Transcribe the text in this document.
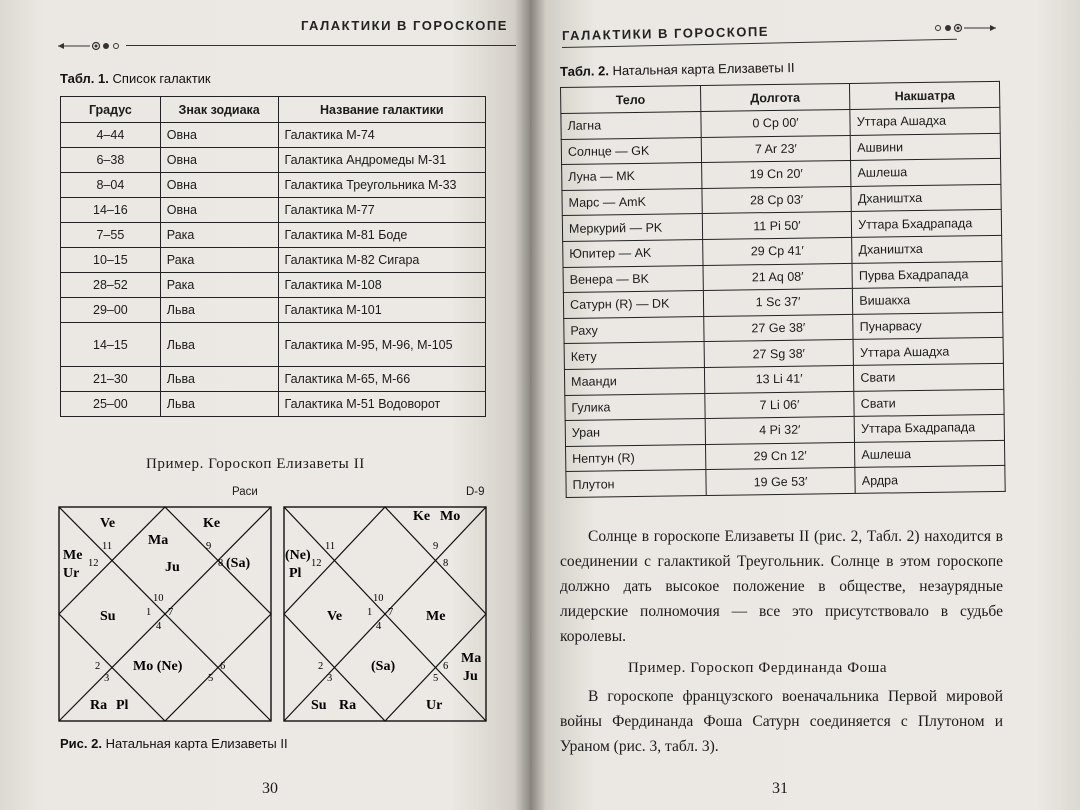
ГАЛАКТИКИ В ГОРОСКОПЕ
Табл. 1. Список галактик
Градус	Знак зодиака	Название галактики
4–44	Овна	Галактика М-74
6–38	Овна	Галактика Андромеды М-31
8–04	Овна	Галактика Треугольника М-33
14–16	Овна	Галактика М-77
7–55	Рака	Галактика М-81 Боде
10–15	Рака	Галактика М-82 Сигара
28–52	Рака	Галактика М-108
29–00	Льва	Галактика М-101
14–15	Льва	Галактика М-95, М-96, М-105
21–30	Льва	Галактика М-65, М-66
25–00	Льва	Галактика М-51 Водоворот
Пример. Гороскоп Елизаветы II
Раси	D-9
11
12
9
8
10
1 7
4
2
3
6
5
Ve	Ke
Ma
Ju	(Sa)
Me
Ur
Su
Mo (Ne)
Ra Pl
11
12
9
8
10
1 7
4
2
3
6
5
Ke Mo
(Ne)
Pl
Ve	Me
(Sa)
Ma
Ju
Su Ra	Ur
Рис. 2. Натальная карта Елизаветы II
30
ГАЛАКТИКИ В ГОРОСКОПЕ
Табл. 2. Натальная карта Елизаветы II
Тело	Долгота	Накшатра
Лагна	0 Cp 00′	Уттара Ашадха
Солнце — GK	7 Ar 23′	Ашвини
Луна — MK	19 Cn 20′	Ашлеша
Марс — AmK	28 Cp 03′	Дхаништха
Меркурий — PK	11 Pi 50′	Уттара Бхадрапада
Юпитер — AK	29 Cp 41′	Дхаништха
Венера — BK	21 Aq 08′	Пурва Бхадрапада
Сатурн (R) — DK	1 Sc 37′	Вишакха
Раху	27 Ge 38′	Пунарвасу
Кету	27 Sg 38′	Уттара Ашадха
Маанди	13 Li 41′	Свати
Гулика	7 Li 06′	Свати
Уран	4 Pi 32′	Уттара Бхадрапада
Нептун (R)	29 Cn 12′	Ашлеша
Плутон	19 Ge 53′	Ардра
Солнце в гороскопе Елизаветы II (рис. 2, Табл. 2) находится в соединении с галактикой Треугольник. Солнце в этом гороскопе должно дать высокое положение в обществе, незаурядные лидерские полномочия — все это присутствовало в судьбе королевы.
Пример. Гороскоп Фердинанда Фоша
В гороскопе французского военачальника Первой мировой войны Фердинанда Фоша Сатурн соединяется с Плутоном и Ураном (рис. 3, табл. 3).
31
